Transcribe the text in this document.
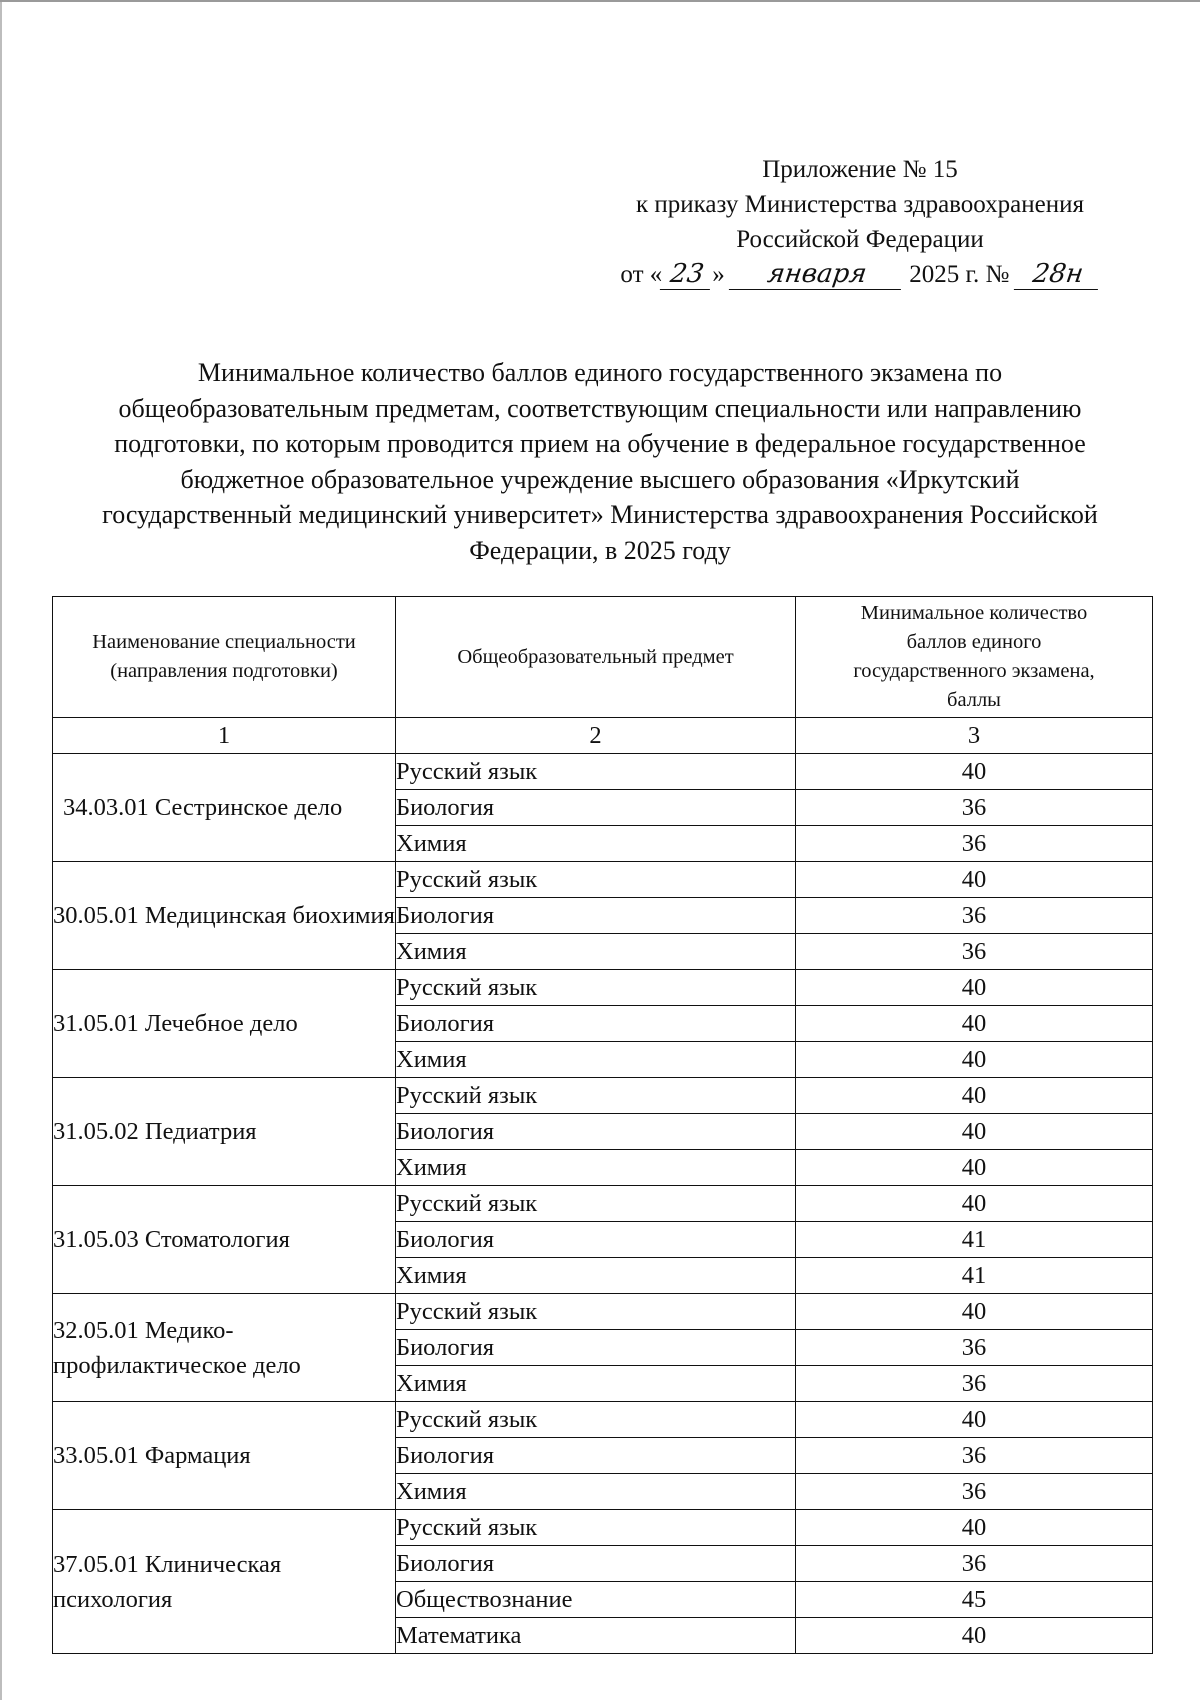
Приложение № 15
к приказу Министерства здравоохранения
Российской Федерации
от « 23 » января 2025 г. № 28н
Минимальное количество баллов единого государственного экзамена по
общеобразовательным предметам, соответствующим специальности или направлению
подготовки, по которым проводится прием на обучение в федеральное государственное
бюджетное образовательное учреждение высшего образования «Иркутский
государственный медицинский университет» Министерства здравоохранения Российской
Федерации, в 2025 году
Наименование специальности
(направления подготовки)	Общеобразовательный предмет	Минимальное количество
баллов единого
государственного экзамена,
баллы

1	2	3
34.03.01 Сестринское дело	Русский язык	40
	Биология	36
	Химия	36
30.05.01 Медицинская биохимия	Русский язык	40
	Биология	36
	Химия	36
31.05.01 Лечебное дело	Русский язык	40
	Биология	40
	Химия	40
31.05.02 Педиатрия	Русский язык	40
	Биология	40
	Химия	40
31.05.03 Стоматология	Русский язык	40
	Биология	41
	Химия	41
32.05.01 Медико-профилактическое дело	Русский язык	40
	Биология	36
	Химия	36
33.05.01 Фармация	Русский язык	40
	Биология	36
	Химия	36
37.05.01 Клиническая психология	Русский язык	40
	Биология	36
	Обществознание	45
	Математика	40
